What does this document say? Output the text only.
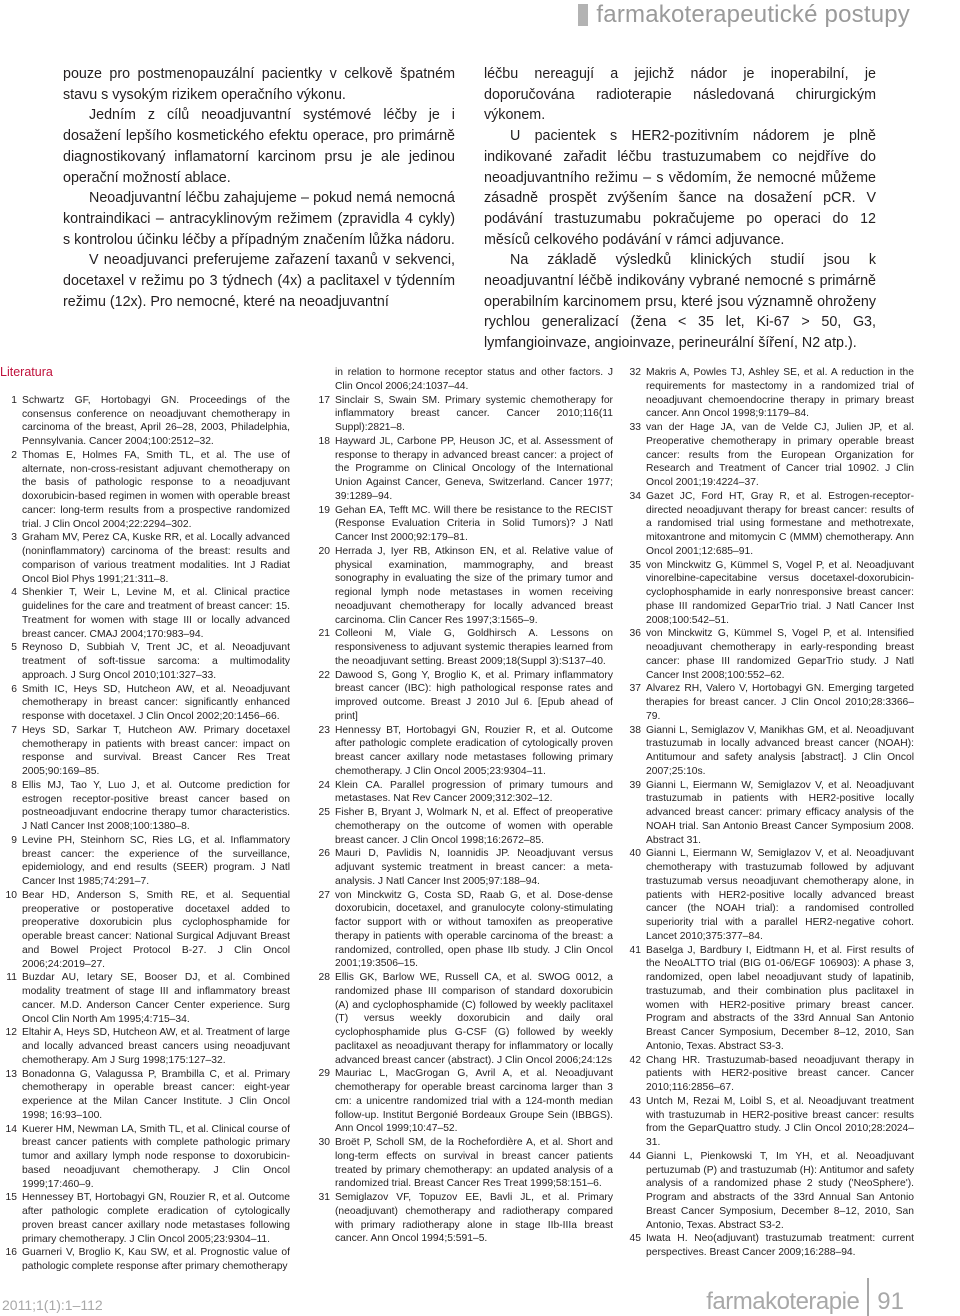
farmakoterapeutické postupy

pouze pro postmenopauzální pacientky v celkově špatném stavu s vysokým rizikem operačního výkonu.

Jedním z cílů neoadjuvantní systémové léčby je i dosažení lepšího kosmetického efektu operace, pro primárně diagnostikovaný inflamatorní karcinom prsu je ale jedinou operační možností ablace.

Neoadjuvantní léčbu zahajujeme – pokud nemá nemocná kontraindikaci – antracyklinovým režimem (zpravidla 4 cykly) s kontrolou účinku léčby a případným značením lůžka nádoru.

V neoadjuvanci preferujeme zařazení taxanů v sekvenci, docetaxel v režimu po 3 týdnech (4x) a paclitaxel v týdenním režimu (12x). Pro nemocné, které na neoadjuvantní

léčbu nereagují a jejichž nádor je inoperabilní, je doporučována radioterapie následovaná chirurgickým výkonem.

U pacientek s HER2-pozitivním nádorem je plně indikované zařadit léčbu trastuzumabem co nejdříve do neoadjuvantního režimu – s vědomím, že nemocné můžeme zásadně prospět zvýšením šance na dosažení pCR. V podávání trastuzumabu pokračujeme po operaci do 12 měsíců celkového podávání v rámci adjuvance.

Na základě výsledků klinických studií jsou k neoadjuvantní léčbě indikovány vybrané nemocné s primárně operabilním karcinomem prsu, které jsou významně ohroženy rychlou generalizací (žena < 35 let, Ki-67 > 50, G3, lymfangioinvaze, angioinvaze, perineurální šíření, N2 atp.).

Literatura
1 Schwartz GF, Hortobagyi GN. Proceedings of the consensus conference on neoadjuvant chemotherapy in carcinoma of the breast, April 26–28, 2003, Philadelphia, Pennsylvania. Cancer 2004;100:2512–32.
2 Thomas E, Holmes FA, Smith TL, et al. The use of alternate, non-cross-resistant adjuvant chemotherapy on the basis of pathologic response to a neoadjuvant doxorubicin-based regimen in women with operable breast cancer: long-term results from a prospective randomized trial. J Clin Oncol 2004;22:2294–302.
3 Graham MV, Perez CA, Kuske RR, et al. Locally advanced (noninflammatory) carcinoma of the breast: results and comparison of various treatment modalities. Int J Radiat Oncol Biol Phys 1991;21:311–8.
4 Shenkier T, Weir L, Levine M, et al. Clinical practice guidelines for the care and treatment of breast cancer: 15. Treatment for women with stage III or locally advanced breast cancer. CMAJ 2004;170:983–94.
5 Reynoso D, Subbiah V, Trent JC, et al. Neoadjuvant treatment of soft-tissue sarcoma: a multimodality approach. J Surg Oncol 2010;101:327–33.
6 Smith IC, Heys SD, Hutcheon AW, et al. Neoadjuvant chemotherapy in breast cancer: significantly enhanced response with docetaxel. J Clin Oncol 2002;20:1456–66.
7 Heys SD, Sarkar T, Hutcheon AW. Primary docetaxel chemotherapy in patients with breast cancer: impact on response and survival. Breast Cancer Res Treat 2005;90:169–85.
8 Ellis MJ, Tao Y, Luo J, et al. Outcome prediction for estrogen receptor-positive breast cancer based on postneoadjuvant endocrine therapy tumor characteristics. J Natl Cancer Inst 2008;100:1380–8.
9 Levine PH, Steinhorn SC, Ries LG, et al. Inflammatory breast cancer: the experience of the surveillance, epidemiology, and end results (SEER) program. J Natl Cancer Inst 1985;74:291–7.
10 Bear HD, Anderson S, Smith RE, et al. Sequential preoperative or postoperative docetaxel added to preoperative doxorubicin plus cyclophosphamide for operable breast cancer: National Surgical Adjuvant Breast and Bowel Project Protocol B-27. J Clin Oncol 2006;24:2019–27.
11 Buzdar AU, Ietary SE, Booser DJ, et al. Combined modality treatment of stage III and inflammatory breast cancer. M.D. Anderson Cancer Center experience. Surg Oncol Clin North Am 1995;4:715–34.
12 Eltahir A, Heys SD, Hutcheon AW, et al. Treatment of large and locally advanced breast cancers using neoadjuvant chemotherapy. Am J Surg 1998;175:127–32.
13 Bonadonna G, Valagussa P, Brambilla C, et al. Primary chemotherapy in operable breast cancer: eight-year experience at the Milan Cancer Institute. J Clin Oncol 1998; 16:93–100.
14 Kuerer HM, Newman LA, Smith TL, et al. Clinical course of breast cancer patients with complete pathologic primary tumor and axillary lymph node response to doxorubicin-based neoadjuvant chemotherapy. J Clin Oncol 1999;17:460–9.
15 Hennessey BT, Hortobagyi GN, Rouzier R, et al. Outcome after pathologic complete eradication of cytologically proven breast cancer axillary node metastases following primary chemotherapy. J Clin Oncol 2005;23:9304–11.
16 Guarneri V, Broglio K, Kau SW, et al. Prognostic value of pathologic complete response after primary chemotherapy
in relation to hormone receptor status and other factors. J Clin Oncol 2006;24:1037–44.
17 Sinclair S, Swain SM. Primary systemic chemotherapy for inflammatory breast cancer. Cancer 2010;116(11 Suppl):2821–8.
18 Hayward JL, Carbone PP, Heuson JC, et al. Assessment of response to therapy in advanced breast cancer: a project of the Programme on Clinical Oncology of the International Union Against Cancer, Geneva, Switzerland. Cancer 1977; 39:1289–94.
19 Gehan EA, Tefft MC. Will there be resistance to the RECIST (Response Evaluation Criteria in Solid Tumors)? J Natl Cancer Inst 2000;92:179–81.
20 Herrada J, Iyer RB, Atkinson EN, et al. Relative value of physical examination, mammography, and breast sonography in evaluating the size of the primary tumor and regional lymph node metastases in women receiving neoadjuvant chemotherapy for locally advanced breast carcinoma. Clin Cancer Res 1997;3:1565–9.
21 Colleoni M, Viale G, Goldhirsch A. Lessons on responsiveness to adjuvant systemic therapies learned from the neoadjuvant setting. Breast 2009;18(Suppl 3):S137–40.
22 Dawood S, Gong Y, Broglio K, et al. Primary inflammatory breast cancer (IBC): high pathological response rates and improved outcome. Breast J 2010 Jul 6. [Epub ahead of print]
23 Hennessy BT, Hortobagyi GN, Rouzier R, et al. Outcome after pathologic complete eradication of cytologically proven breast cancer axillary node metastases following primary chemotherapy. J Clin Oncol 2005;23:9304–11.
24 Klein CA. Parallel progression of primary tumours and metastases. Nat Rev Cancer 2009;312:302–12.
25 Fisher B, Bryant J, Wolmark N, et al. Effect of preoperative chemotherapy on the outcome of women with operable breast cancer. J Clin Oncol 1998;16:2672–85.
26 Mauri D, Pavlidis N, Ioannidis JP. Neoadjuvant versus adjuvant systemic treatment in breast cancer: a meta-analysis. J Natl Cancer Inst 2005;97:188–94.
27 von Minckwitz G, Costa SD, Raab G, et al. Dose-dense doxorubicin, docetaxel, and granulocyte colony-stimulating factor support with or without tamoxifen as preoperative therapy in patients with operable carcinoma of the breast: a randomized, controlled, open phase IIb study. J Clin Oncol 2001;19:3506–15.
28 Ellis GK, Barlow WE, Russell CA, et al. SWOG 0012, a randomized phase III comparison of standard doxorubicin (A) and cyclophosphamide (C) followed by weekly paclitaxel (T) versus weekly doxorubicin and daily oral cyclophosphamide plus G-CSF (G) followed by weekly paclitaxel as neoadjuvant therapy for inflammatory or locally advanced breast cancer (abstract). J Clin Oncol 2006;24:12s
29 Mauriac L, MacGrogan G, Avril A, et al. Neoadjuvant chemotherapy for operable breast carcinoma larger than 3 cm: a unicentre randomized trial with a 124-month median follow-up. Institut Bergonié Bordeaux Groupe Sein (IBBGS). Ann Oncol 1999;10:47–52.
30 Broët P, Scholl SM, de la Rochefordière A, et al. Short and long-term effects on survival in breast cancer patients treated by primary chemotherapy: an updated analysis of a randomized trial. Breast Cancer Res Treat 1999;58:151–6.
31 Semiglazov VF, Topuzov EE, Bavli JL, et al. Primary (neoadjuvant) chemotherapy and radiotherapy compared with primary radiotherapy alone in stage IIb-IIIa breast cancer. Ann Oncol 1994;5:591–5.
32 Makris A, Powles TJ, Ashley SE, et al. A reduction in the requirements for mastectomy in a randomized trial of neoadjuvant chemoendocrine therapy in primary breast cancer. Ann Oncol 1998;9:1179–84.
33 van der Hage JA, van de Velde CJ, Julien JP, et al. Preoperative chemotherapy in primary operable breast cancer: results from the European Organization for Research and Treatment of Cancer trial 10902. J Clin Oncol 2001;19:4224–37.
34 Gazet JC, Ford HT, Gray R, et al. Estrogen-receptor-directed neoadjuvant therapy for breast cancer: results of a randomised trial using formestane and methotrexate, mitoxantrone and mitomycin C (MMM) chemotherapy. Ann Oncol 2001;12:685–91.
35 von Minckwitz G, Kümmel S, Vogel P, et al. Neoadjuvant vinorelbine-capecitabine versus docetaxel-doxorubicin-cyclophosphamide in early nonresponsive breast cancer: phase III randomized GeparTrio trial. J Natl Cancer Inst 2008;100:542–51.
36 von Minckwitz G, Kümmel S, Vogel P, et al. Intensified neoadjuvant chemotherapy in early-responding breast cancer: phase III randomized GeparTrio study. J Natl Cancer Inst 2008;100:552–62.
37 Alvarez RH, Valero V, Hortobagyi GN. Emerging targeted therapies for breast cancer. J Clin Oncol 2010;28:3366–79.
38 Gianni L, Semiglazov V, Manikhas GM, et al. Neoadjuvant trastuzumab in locally advanced breast cancer (NOAH): Antitumour and safety analysis [abstract]. J Clin Oncol 2007;25:10s.
39 Gianni L, Eiermann W, Semiglazov V, et al. Neoadjuvant trastuzumab in patients with HER2-positive locally advanced breast cancer: primary efficacy analysis of the NOAH trial. San Antonio Breast Cancer Symposium 2008. Abstract 31.
40 Gianni L, Eiermann W, Semiglazov V, et al. Neoadjuvant chemotherapy with trastuzumab followed by adjuvant trastuzumab versus neoadjuvant chemotherapy alone, in patients with HER2-positive locally advanced breast cancer (the NOAH trial): a randomised controlled superiority trial with a parallel HER2-negative cohort. Lancet 2010;375:377–84.
41 Baselga J, Bardbury I, Eidtmann H, et al. First results of the NeoALTTO trial (BIG 01-06/EGF 106903): A phase 3, randomized, open label neoadjuvant study of lapatinib, trastuzumab, and their combination plus paclitaxel in women with HER2-positive primary breast cancer. Program and abstracts of the 33rd Annual San Antonio Breast Cancer Symposium, December 8–12, 2010, San Antonio, Texas. Abstract S3-3.
42 Chang HR. Trastuzumab-based neoadjuvant therapy in patients with HER2-positive breast cancer. Cancer 2010;116:2856–67.
43 Untch M, Rezai M, Loibl S, et al. Neoadjuvant treatment with trastuzumab in HER2-positive breast cancer: results from the GeparQuattro study. J Clin Oncol 2010;28:2024–31.
44 Gianni L, Pienkowski T, Im YH, et al. Neoadjuvant pertuzumab (P) and trastuzumab (H): Antitumor and safety analysis of a randomized phase 2 study ('NeoSphere'). Program and abstracts of the 33rd Annual San Antonio Breast Cancer Symposium, December 8–12, 2010, San Antonio, Texas. Abstract S3-2.
45 Iwata H. Neo(adjuvant) trastuzumab treatment: current perspectives. Breast Cancer 2009;16:288–94.
2011;1(1):1–112	farmakoterapie 91
